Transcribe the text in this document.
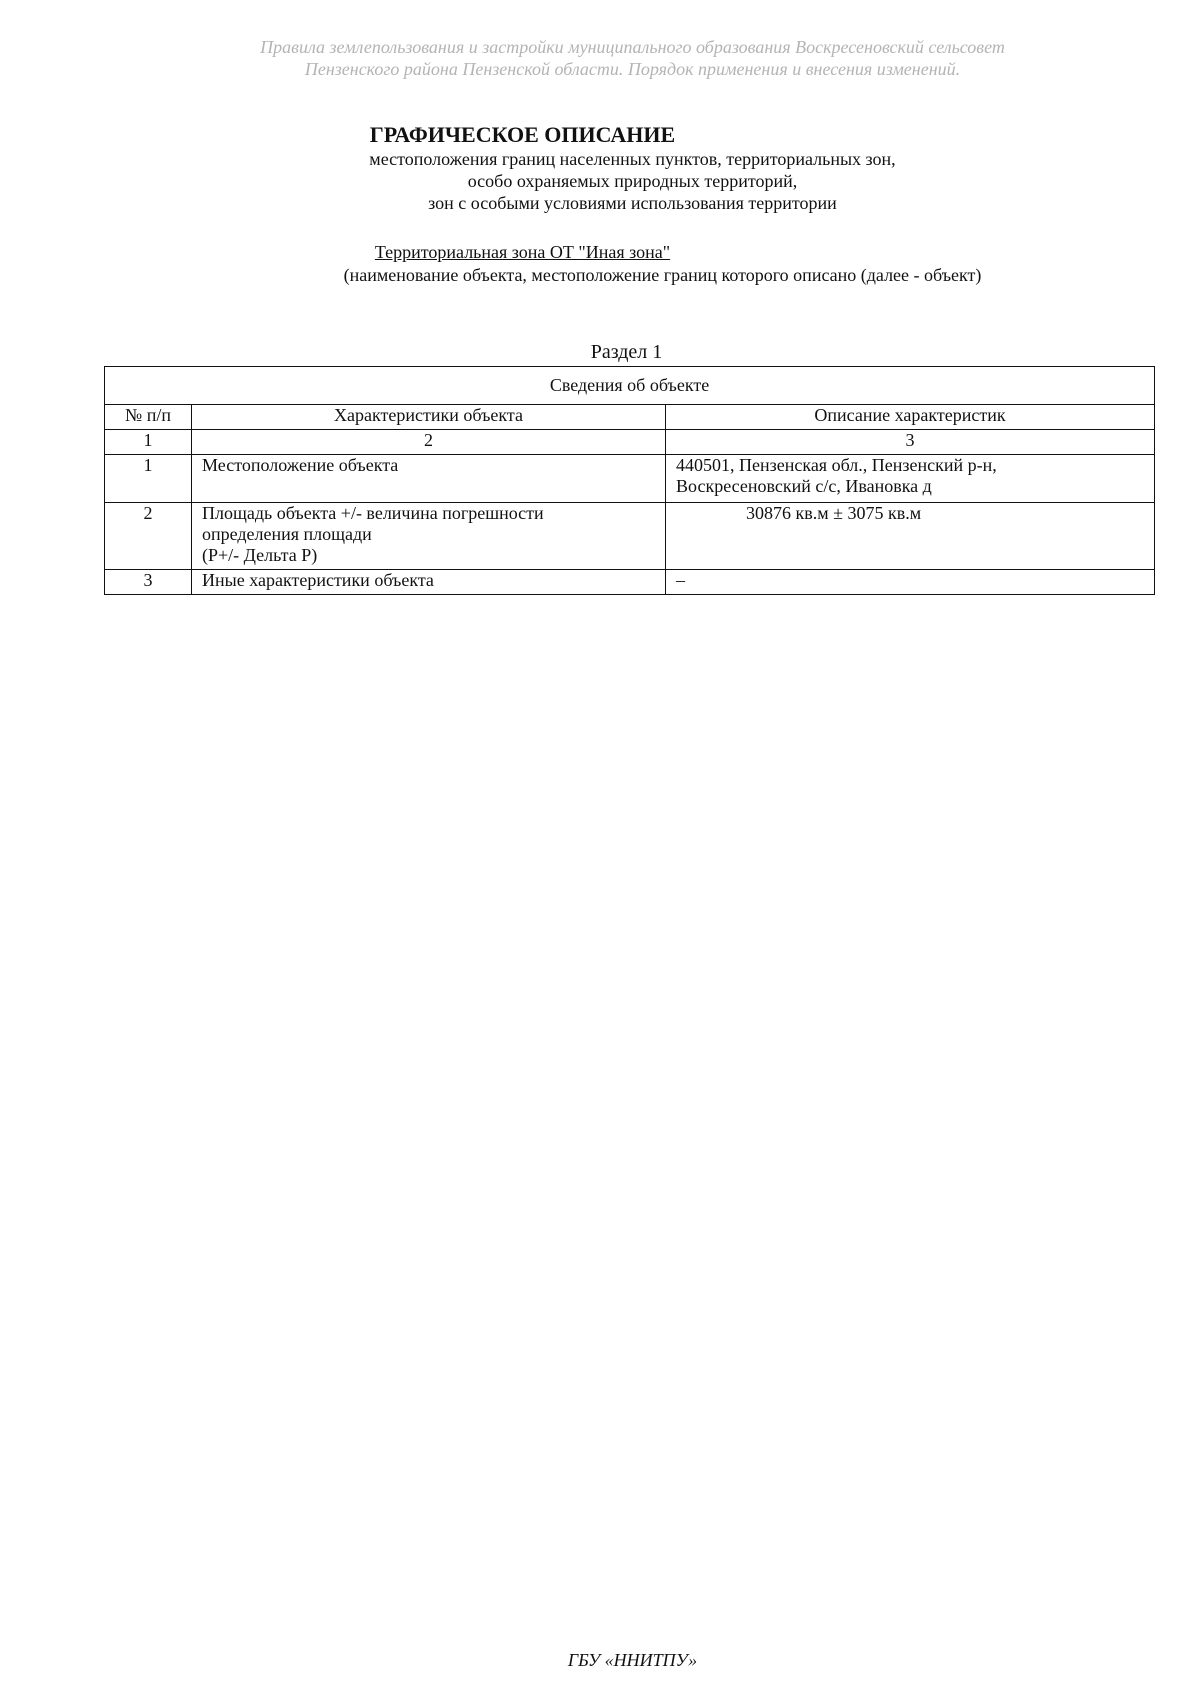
Правила землепользования и застройки муниципального образования Воскресеновский сельсовет
Пензенского района Пензенской области. Порядок применения и внесения изменений.
ГРАФИЧЕСКОЕ ОПИСАНИЕ
местоположения границ населенных пунктов, территориальных зон,
особо охраняемых природных территорий,
зон с особыми условиями использования территории
Территориальная зона ОТ "Иная зона"
(наименование объекта, местоположение границ которого описано (далее - объект)
Раздел 1
Сведения об объекте		
№ п/п	Характеристики объекта	Описание характеристик
1	2	3
1	Местоположение объекта	440501, Пензенская обл., Пензенский р-н,
Воскресеновский с/с, Ивановка д

2	Площадь объекта +/- величина погрешности
определения площади
(P+/- Дельта P)	30876 кв.м ± 3075 кв.м
3	Иные характеристики объекта	–
ГБУ «ННИТПУ»
